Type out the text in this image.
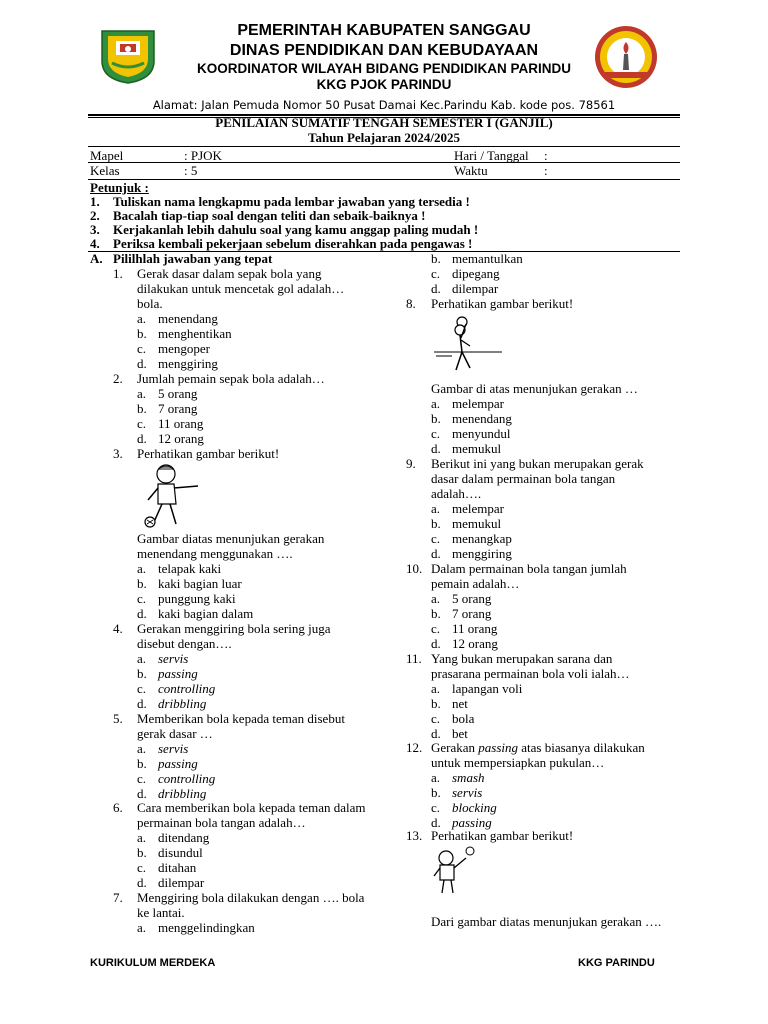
PEMERINTAH KABUPATEN SANGGAU
DINAS PENDIDIKAN DAN KEBUDAYAAN
KOORDINATOR WILAYAH BIDANG PENDIDIKAN PARINDU
KKG PJOK PARINDU
Alamat: Jalan Pemuda Nomor 50 Pusat Damai Kec.Parindu Kab. kode pos. 78561
PENILAIAN SUMATIF TENGAH SEMESTER I (GANJIL)
Tahun Pelajaran 2024/2025
Mapel	: PJOK	Hari / Tanggal :
Kelas	: 5	Waktu	:
Petunjuk :
1. Tuliskan nama lengkapmu pada lembar jawaban yang tersedia !
2. Bacalah tiap-tiap soal dengan teliti dan sebaik-baiknya !
3. Kerjakanlah lebih dahulu soal yang kamu anggap paling mudah !
4. Periksa kembali pekerjaan sebelum diserahkan pada pengawas !
A. Pililhlah jawaban yang tepat
1. Gerak dasar dalam sepak bola yang
dilakukan untuk mencetak gol adalah…
bola.
a. menendang
b. menghentikan
c. mengoper
d. menggiring
2. Jumlah pemain sepak bola adalah…
a. 5 orang
b. 7 orang
c. 11 orang
d. 12 orang
3. Perhatikan gambar berikut!
Gambar diatas menunjukan gerakan
menendang menggunakan ….
a. telapak kaki
b. kaki bagian luar
c. punggung kaki
d. kaki bagian dalam
4. Gerakan menggiring bola sering juga
disebut dengan….
a. servis
b. passing
c. controlling
d. dribbling
5. Memberikan bola kepada teman disebut
gerak dasar …
a. servis
b. passing
c. controlling
d. dribbling
6. Cara memberikan bola kepada teman dalam
permainan bola tangan adalah…
a. ditendang
b. disundul
c. ditahan
d. dilempar
7. Menggiring bola dilakukan dengan …. bola
ke lantai.
a. menggelindingkan
b. memantulkan
c. dipegang
d. dilempar
8. Perhatikan gambar berikut!
Gambar di atas menunjukan gerakan …
a. melempar
b. menendang
c. menyundul
d. memukul
9. Berikut ini yang bukan merupakan gerak
dasar dalam permainan bola tangan
adalah….
a. melempar
b. memukul
c. menangkap
d. menggiring
10. Dalam permainan bola tangan jumlah
pemain adalah…
a. 5 orang
b. 7 orang
c. 11 orang
d. 12 orang
11. Yang bukan merupakan sarana dan
prasarana permainan bola voli ialah…
a. lapangan voli
b. net
c. bola
d. bet
12. Gerakan passing atas biasanya dilakukan
untuk mempersiapkan pukulan…
a. smash
b. servis
c. blocking
d. passing
13. Perhatikan gambar berikut!
Dari gambar diatas menunjukan gerakan ….
KURIKULUM MERDEKA	KKG PARINDU
